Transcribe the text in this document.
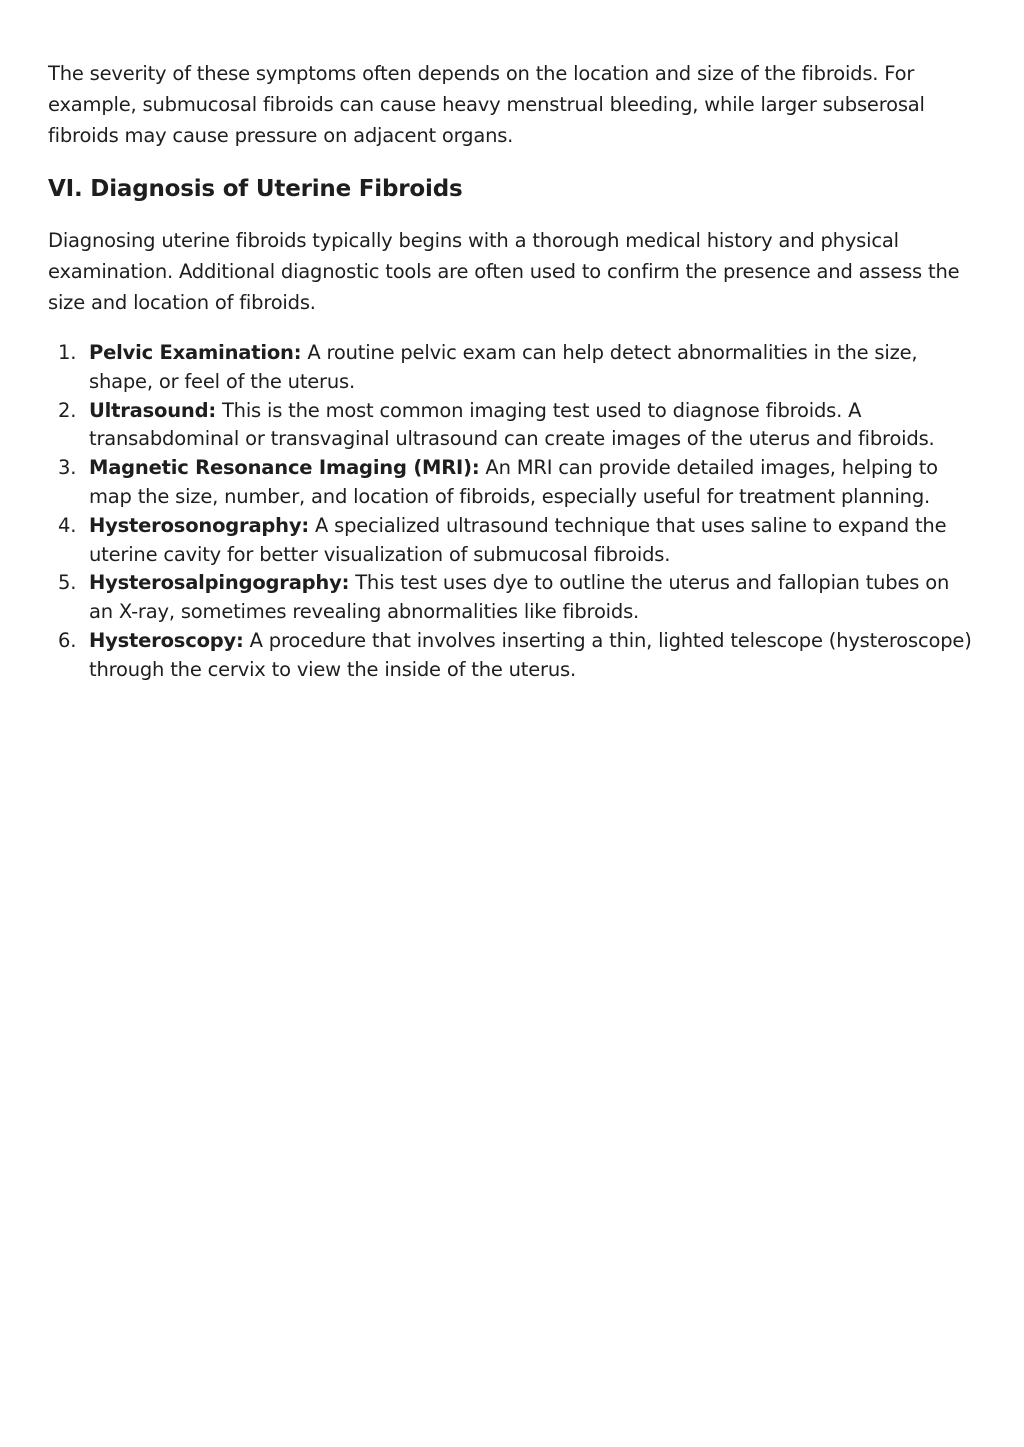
The severity of these symptoms often depends on the location and size of the fibroids. For example, submucosal fibroids can cause heavy menstrual bleeding, while larger subserosal fibroids may cause pressure on adjacent organs.

VI. Diagnosis of Uterine Fibroids

Diagnosing uterine fibroids typically begins with a thorough medical history and physical examination. Additional diagnostic tools are often used to confirm the presence and assess the size and location of fibroids.

1. Pelvic Examination: A routine pelvic exam can help detect abnormalities in the size, shape, or feel of the uterus.
2. Ultrasound: This is the most common imaging test used to diagnose fibroids. A transabdominal or transvaginal ultrasound can create images of the uterus and fibroids.
3. Magnetic Resonance Imaging (MRI): An MRI can provide detailed images, helping to map the size, number, and location of fibroids, especially useful for treatment planning.
4. Hysterosonography: A specialized ultrasound technique that uses saline to expand the uterine cavity for better visualization of submucosal fibroids.
5. Hysterosalpingography: This test uses dye to outline the uterus and fallopian tubes on an X-ray, sometimes revealing abnormalities like fibroids.
6. Hysteroscopy: A procedure that involves inserting a thin, lighted telescope (hysteroscope) through the cervix to view the inside of the uterus.
